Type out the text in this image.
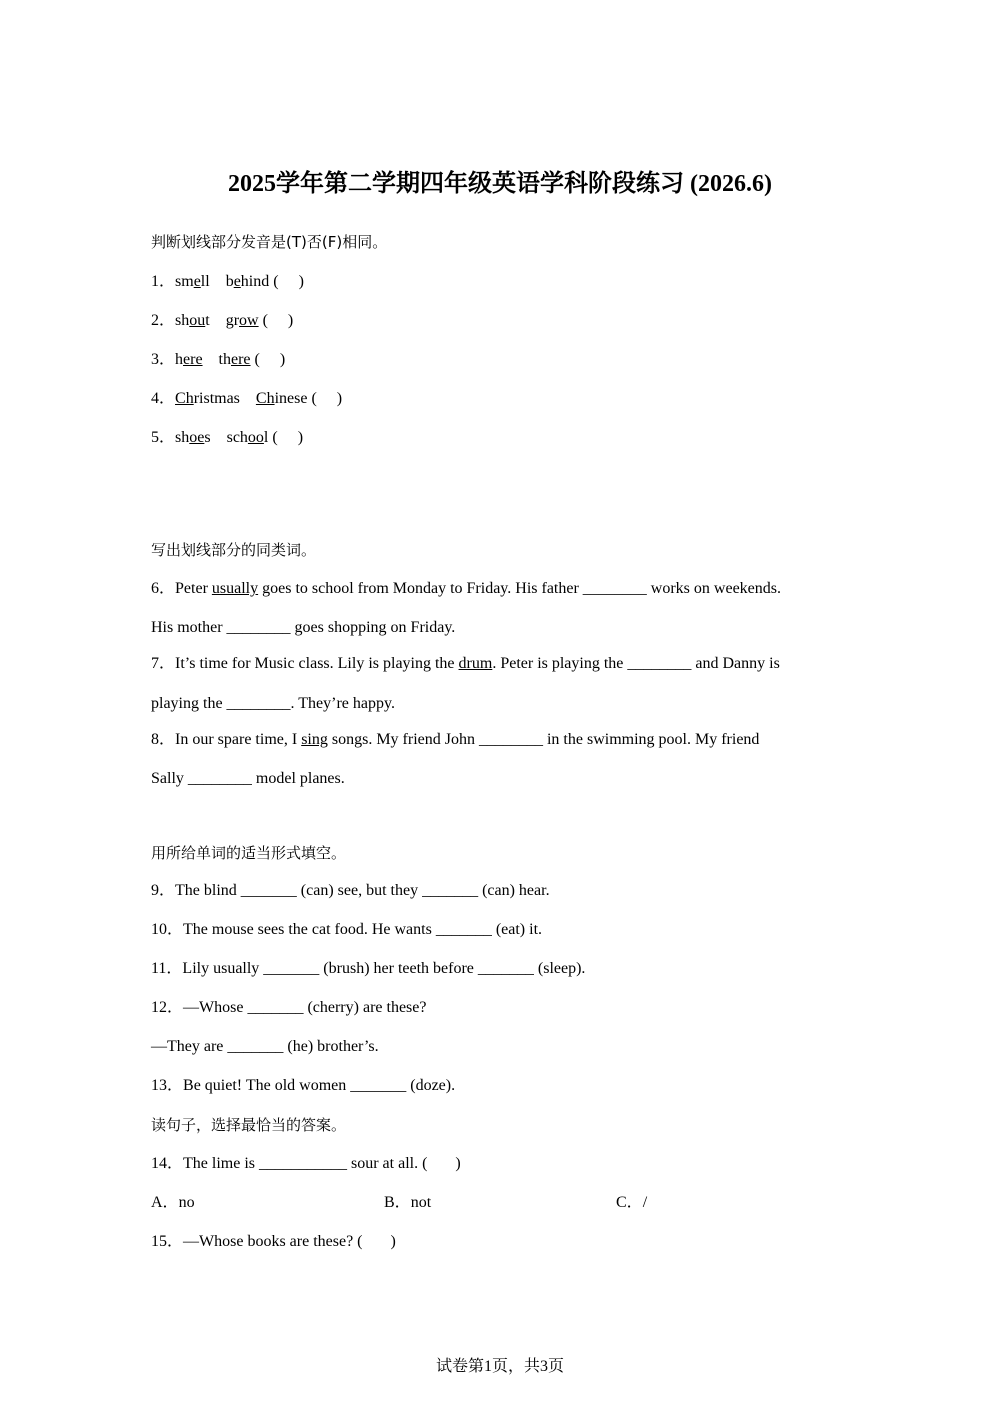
2025学年第二学期四年级英语学科阶段练习 (2026.6)
判断划线部分发音是(T)否(F)相同。
1．smell behind (     )
2．shout grow (     )
3．here there (     )
4．Christmas Chinese (     )
5．shoes school (     )
写出划线部分的同类词。
6．Peter usually goes to school from Monday to Friday. His father ________ works on weekends.
His mother ________ goes shopping on Friday.
7．It’s time for Music class. Lily is playing the drum. Peter is playing the ________ and Danny is
playing the ________. They’re happy.
8．In our spare time, I sing songs. My friend John ________ in the swimming pool. My friend
Sally ________ model planes.
用所给单词的适当形式填空。
9．The blind _______ (can) see, but they _______ (can) hear.
10．The mouse sees the cat food. He wants _______ (eat) it.
11．Lily usually _______ (brush) her teeth before _______ (sleep).
12．—Whose _______ (cherry) are these?
—They are _______ (he) brother’s.
13．Be quiet! The old women _______ (doze).
读句子，选择最恰当的答案。
14．The lime is ___________ sour at all. (       )
A．no	B．not	C．/
15．—Whose books are these? (       )
试卷第1页，共3页
